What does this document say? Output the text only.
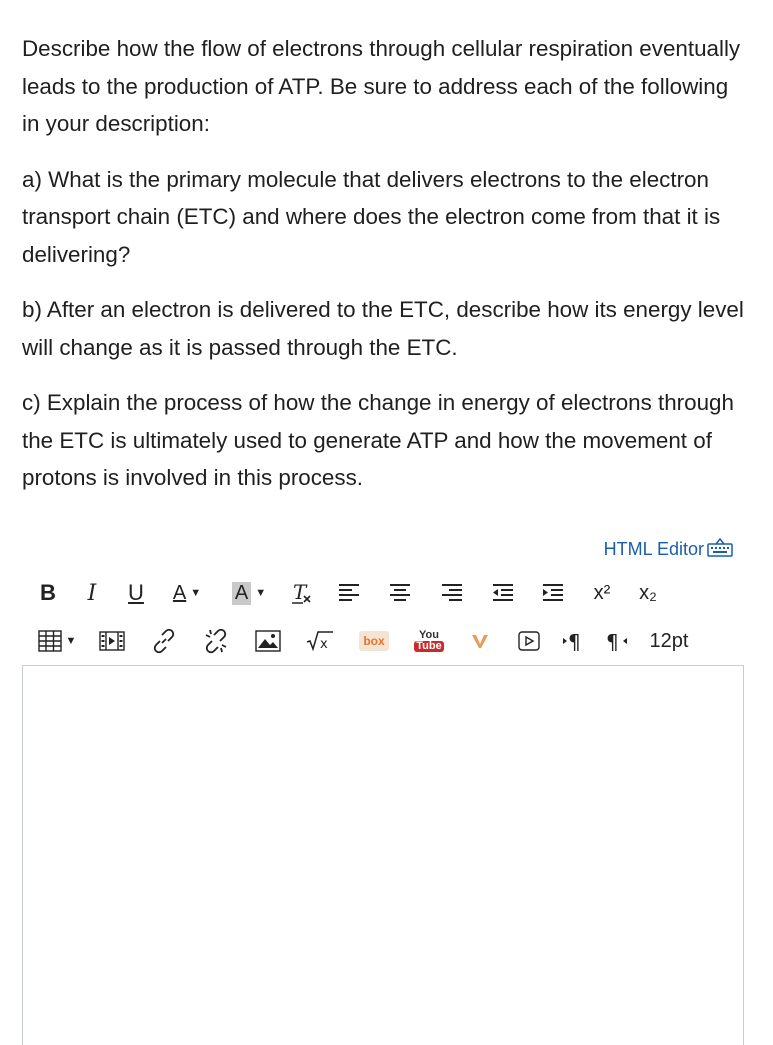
Describe how the flow of electrons through cellular respiration eventually leads to the production of ATP. Be sure to address each of the following in your description:

a) What is the primary molecule that delivers electrons to the electron transport chain (ETC) and where does the electron come from that it is delivering?

b) After an electron is delivered to the ETC, describe how its energy level will change as it is passed through the ETC.

c) Explain the process of how the change in energy of electrons through the ETC is ultimately used to generate ATP and how the movement of protons is involved in this process.

HTML Editor
B I U A ▼ A ▼ T	x² x₂
▼	x	box	You
Tube	¶ ¶ 12pt
